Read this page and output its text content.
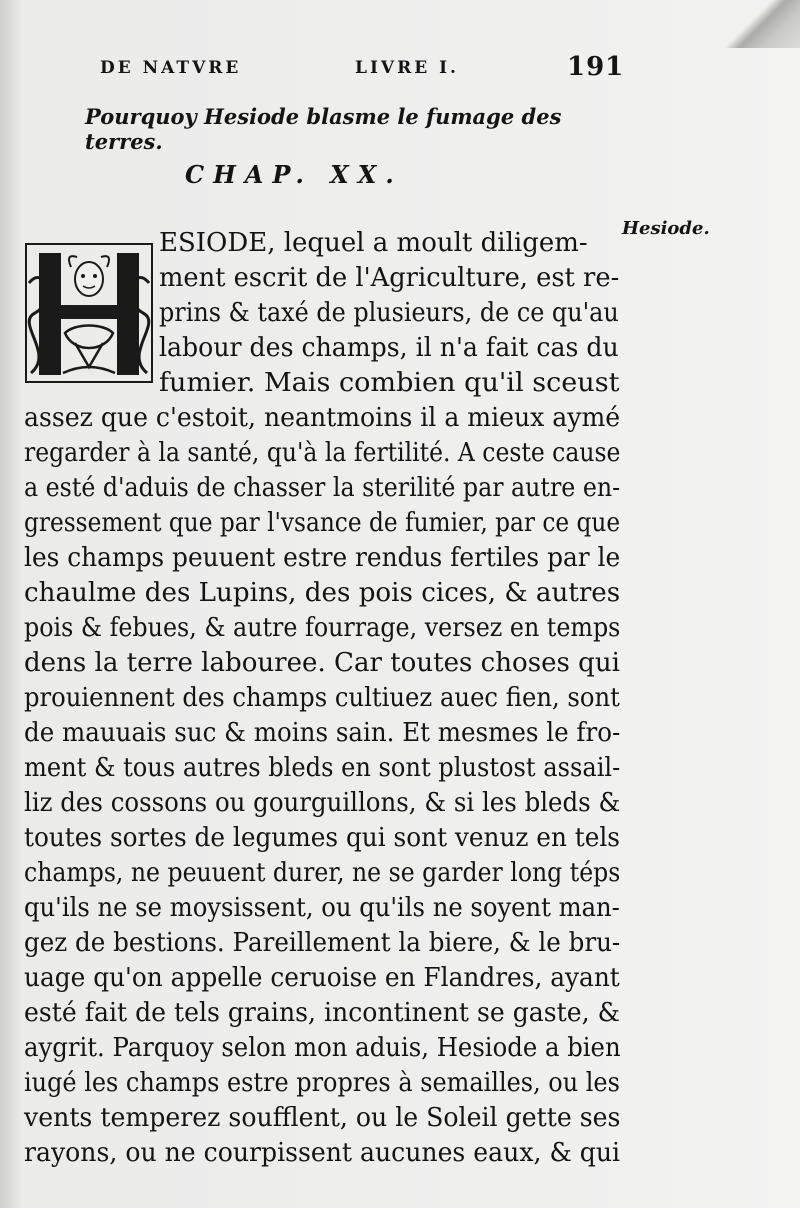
DE NATVRE	LIVRE I.	191
Pourquoy Hesiode blasme le fumage des terres.
CHAP. XX.
Hesiode.
ESIODE, lequel a moult diligem-
ment escrit de l'Agriculture, est re-
prins & taxé de plusieurs, de ce qu'au
labour des champs, il n'a fait cas du
fumier. Mais combien qu'il sceust
assez que c'estoit, neantmoins il a mieux aymé
regarder à la santé, qu'à la fertilité. A ceste cause
a esté d'aduis de chasser la sterilité par autre en-
gressement que par l'vsance de fumier, par ce que
les champs peuuent estre rendus fertiles par le
chaulme des Lupins, des pois cices, & autres
pois & febues, & autre fourrage, versez en temps
dens la terre labouree. Car toutes choses qui
prouiennent des champs cultiuez auec fien, sont
de mauuais suc & moins sain. Et mesmes le fro-
ment & tous autres bleds en sont plustost assail-
liz des cossons ou gourguillons, & si les bleds &
toutes sortes de legumes qui sont venuz en tels
champs, ne peuuent durer, ne se garder long téps
qu'ils ne se moysissent, ou qu'ils ne soyent man-
gez de bestions. Pareillement la biere, & le bru-
uage qu'on appelle ceruoise en Flandres, ayant
esté fait de tels grains, incontinent se gaste, &
aygrit. Parquoy selon mon aduis, Hesiode a bien
iugé les champs estre propres à semailles, ou les
vents temperez soufflent, ou le Soleil gette ses
rayons, ou ne courpissent aucunes eaux, & qui
